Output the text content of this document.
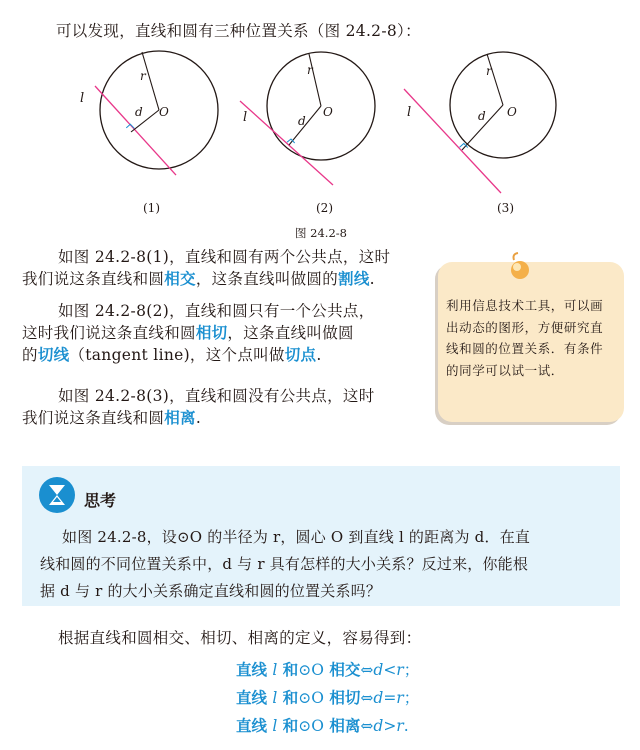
可以发现，直线和圆有三种位置关系（图 24.2-8）：
l
r
d O	l
r
d
O	l
r
d O
(1)	(2)	(3)
图 24.2-8
如图 24.2-8(1)，直线和圆有两个公共点，这时
我们说这条直线和圆相交，这条直线叫做圆的割线.
如图 24.2-8(2)，直线和圆只有一个公共点，
这时我们说这条直线和圆相切，这条直线叫做圆
的切线（tangent line)，这个点叫做切点.
如图 24.2-8(3)，直线和圆没有公共点，这时
我们说这条直线和圆相离.
利用信息技术工具，可以画出动态的图形，方便研究直线和圆的位置关系．有条件的同学可以试一试．
思考
如图 24.2-8，设⊙O 的半径为 r，圆心 O 到直线 l 的距离为 d．在直
线和圆的不同位置关系中，d 与 r 具有怎样的大小关系？反过来，你能根
据 d 与 r 的大小关系确定直线和圆的位置关系吗？
根据直线和圆相交、相切、相离的定义，容易得到：
直线 l 和⊙O 相交⇔d<r；
直线 l 和⊙O 相切⇔d=r；
直线 l 和⊙O 相离⇔d>r.
